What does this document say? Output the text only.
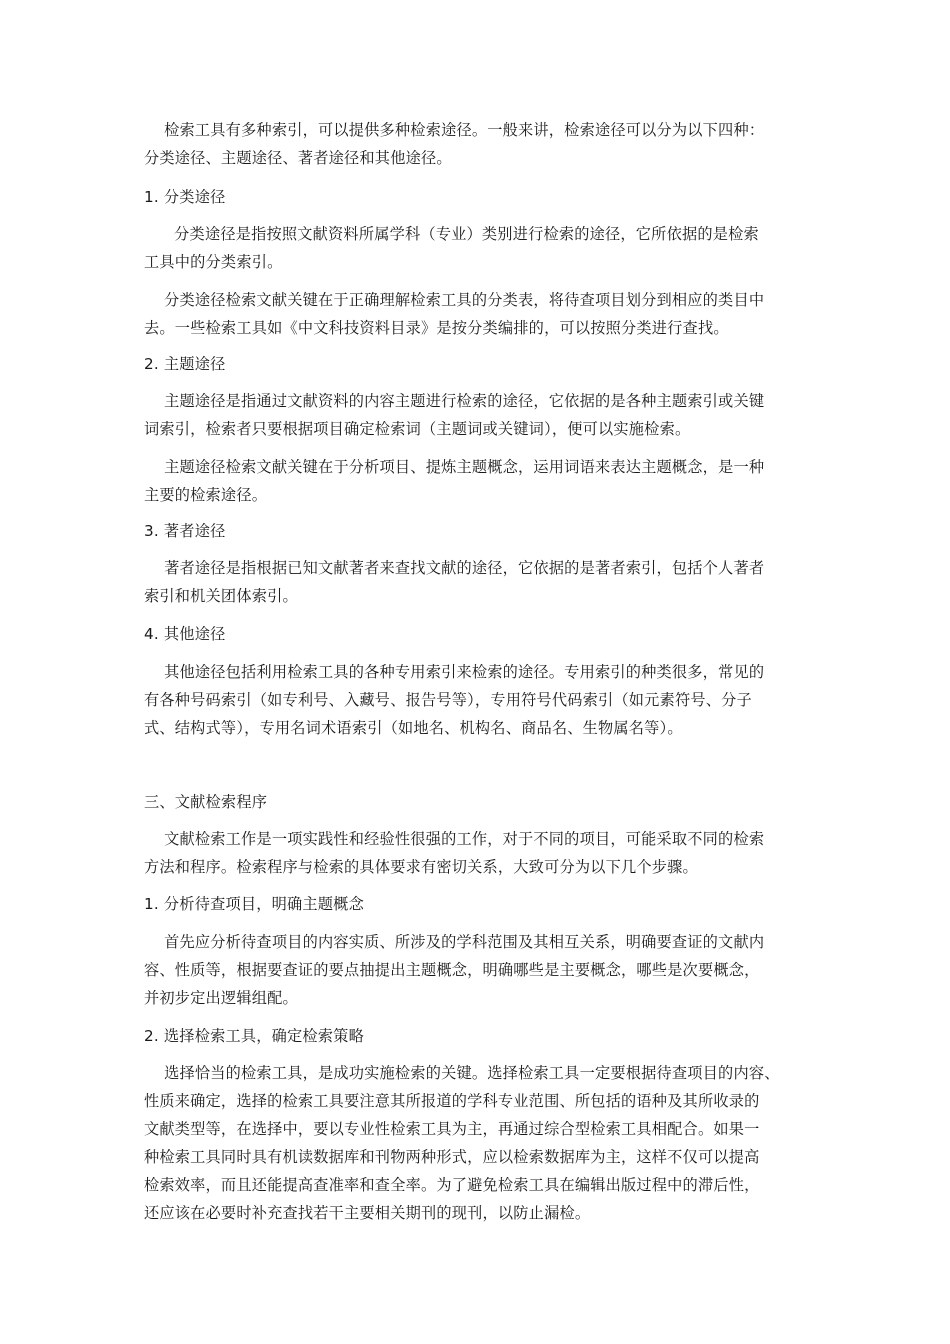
检索工具有多种索引，可以提供多种检索途径。一般来讲，检索途径可以分为以下四种：
分类途径、主题途径、著者途径和其他途径。
1. 分类途径
分类途径是指按照文献资料所属学科（专业）类别进行检索的途径，它所依据的是检索
工具中的分类索引。
分类途径检索文献关键在于正确理解检索工具的分类表，将待查项目划分到相应的类目中
去。一些检索工具如《中文科技资料目录》是按分类编排的，可以按照分类进行查找。
2. 主题途径
主题途径是指通过文献资料的内容主题进行检索的途径，它依据的是各种主题索引或关键
词索引，检索者只要根据项目确定检索词（主题词或关键词），便可以实施检索。
主题途径检索文献关键在于分析项目、提炼主题概念，运用词语来表达主题概念，是一种
主要的检索途径。
3. 著者途径
著者途径是指根据已知文献著者来查找文献的途径，它依据的是著者索引，包括个人著者
索引和机关团体索引。
4. 其他途径
其他途径包括利用检索工具的各种专用索引来检索的途径。专用索引的种类很多，常见的
有各种号码索引（如专利号、入藏号、报告号等），专用符号代码索引（如元素符号、分子
式、结构式等），专用名词术语索引（如地名、机构名、商品名、生物属名等）。
三、文献检索程序
文献检索工作是一项实践性和经验性很强的工作，对于不同的项目，可能采取不同的检索
方法和程序。检索程序与检索的具体要求有密切关系，大致可分为以下几个步骤。
1. 分析待查项目，明确主题概念
首先应分析待查项目的内容实质、所涉及的学科范围及其相互关系，明确要查证的文献内
容、性质等，根据要查证的要点抽提出主题概念，明确哪些是主要概念，哪些是次要概念，
并初步定出逻辑组配。
2. 选择检索工具，确定检索策略
选择恰当的检索工具，是成功实施检索的关键。选择检索工具一定要根据待查项目的内容、
性质来确定，选择的检索工具要注意其所报道的学科专业范围、所包括的语种及其所收录的
文献类型等，在选择中，要以专业性检索工具为主，再通过综合型检索工具相配合。如果一
种检索工具同时具有机读数据库和刊物两种形式，应以检索数据库为主，这样不仅可以提高
检索效率，而且还能提高查准率和查全率。为了避免检索工具在编辑出版过程中的滞后性，
还应该在必要时补充查找若干主要相关期刊的现刊，以防止漏检。
